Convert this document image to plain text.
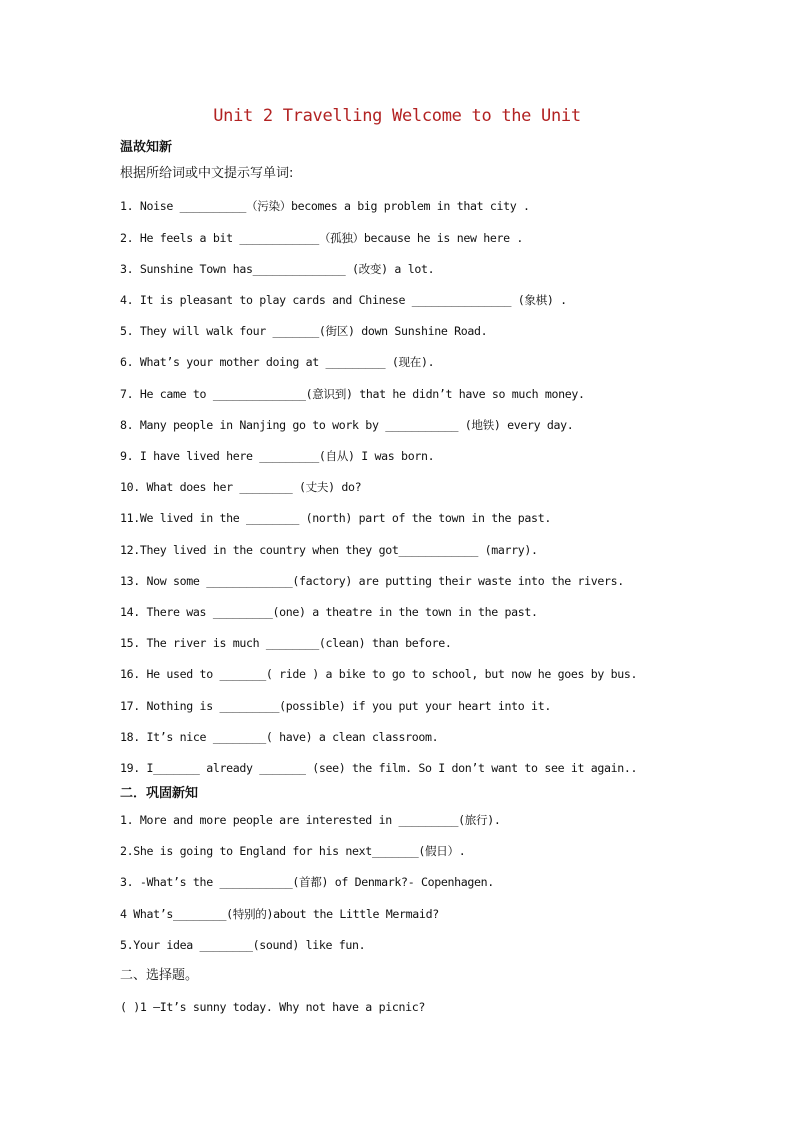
Unit 2 Travelling Welcome to the Unit
温故知新
根据所给词或中文提示写单词:
1. Noise __________（污染）becomes a big problem in that city .
2. He feels a bit ____________（孤独）because he is new here .
3. Sunshine Town has______________ (改变) a lot.
4. It is pleasant to play cards and Chinese _______________ (象棋) .
5. They will walk four _______(街区) down Sunshine Road.
6. What’s your mother doing at _________ (现在).
7. He came to ______________(意识到) that he didn’t have so much money.
8. Many people in Nanjing go to work by ___________ (地铁) every day.
9. I have lived here _________(自从) I was born.
10. What does her ________ (丈夫) do?
11.We lived in the ________ (north) part of the town in the past.
12.They lived in the country when they got____________ (marry).
13. Now some _____________(factory) are putting their waste into the rivers.
14. There was _________(one) a theatre in the town in the past.
15. The river is much ________(clean) than before.
16. He used to _______( ride ) a bike to go to school, but now he goes by bus.
17. Nothing is _________(possible) if you put your heart into it.
18. It’s nice ________( have) a clean classroom.
19. I_______ already _______ (see) the film. So I don’t want to see it again..
二．巩固新知
1. More and more people are interested in _________(旅行).
2.She is going to England for his next_______(假日）.
3. -What’s the ___________(首都) of Denmark?- Copenhagen.
4 What’s________(特别的)about the Little Mermaid?
5.Your idea ________(sound) like fun.
二、选择题。
( )1 –It’s sunny today. Why not have a picnic?
